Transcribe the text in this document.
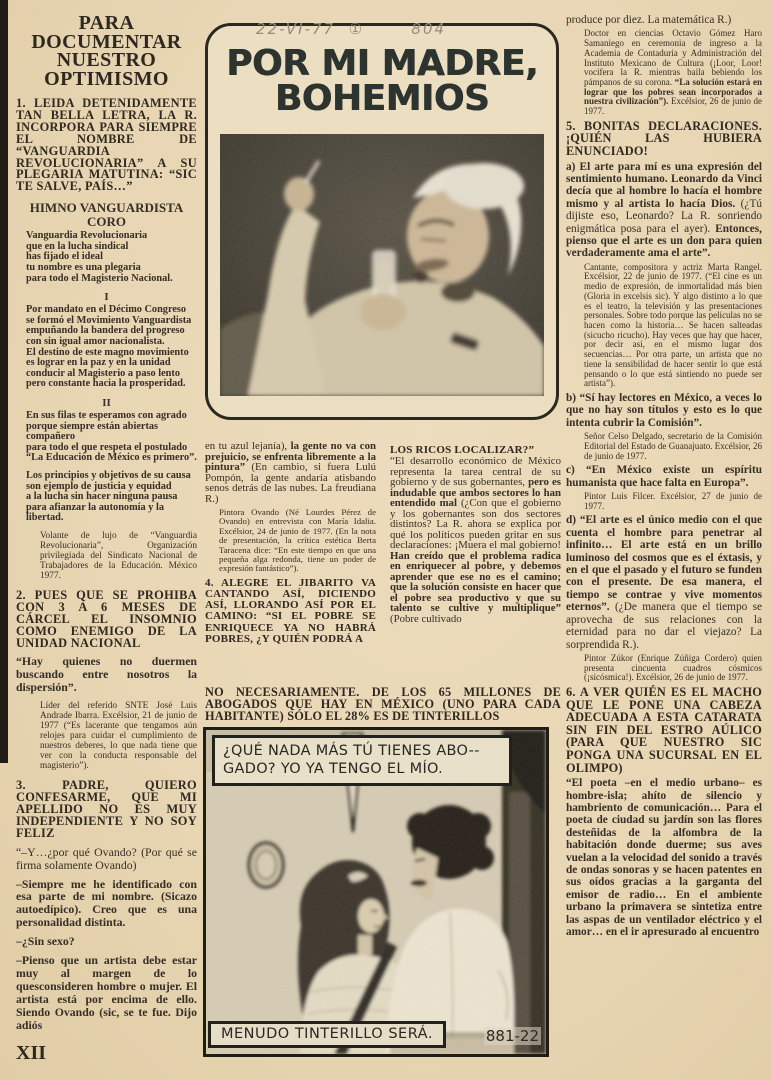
PARA
DOCUMENTAR
NUESTRO
OPTIMISMO

1. LEIDA DETENIDAMENTE TAN BELLA LETRA, LA R. INCORPORA PARA SIEMPRE EL NOMBRE DE “VANGUARDIA REVOLUCIONARIA” A SU PLEGARIA MATUTINA: “SIC TE SALVE, PAÍS…”

HIMNO VANGUARDISTA
CORO
Vanguardia Revolucionaria
que en la lucha sindical
has fijado el ideal
tu nombre es una plegaria
para todo el Magisterio Nacional.
I
Por mandato en el Décimo Congreso
se formó el Movimiento Vanguardista
empuñando la bandera del progreso
con sin igual amor nacionalista.
El destino de este magno movimiento
es lograr en la paz y en la unidad
conducir al Magisterio a paso lento
pero constante hacia la prosperidad.
II
En sus filas te esperamos con agrado
porque siempre están abiertas compañero
para todo el que respeta el postulado
“La Educación de México es primero”.
Los principios y objetivos de su causa
son ejemplo de justicia y equidad
a la lucha sin hacer ninguna pausa
para afianzar la autonomía y la libertad.

Volante de lujo de “Vanguardia Revolucionaria”, Organización privilegiada del Sindicato Nacional de Trabajadores de la Educación. México 1977.

2. PUES QUE SE PROHIBA CON 3 A 6 MESES DE CÁRCEL EL INSOMNIO COMO ENEMIGO DE LA UNIDAD NACIONAL

“Hay quienes no duermen buscando entre nosotros la dispersión”.

Líder del referido SNTE José Luis Andrade Ibarra. Excélsior, 21 de junio de 1977 (“Es lacerante que tengamos aún relojes para cuidar el cumplimiento de nuestros deberes, lo que nada tiene que ver con la conducta responsable del magisterio”).

3. PADRE, QUIERO CONFESARME, QUE MI APELLIDO NO ES MUY INDEPENDIENTE Y NO SOY FELIZ

“–Y…¿por qué Ovando? (Por qué se firma solamente Ovando)

–Siempre me he identificado con esa parte de mi nombre. (Sicazo autoedípico). Creo que es una personalidad distinta.

–¿Sin sexo?

–Pienso que un artista debe estar muy al margen de lo quesconsideren hombre o mujer. El artista está por encima de ello. Siendo Ovando (sic, se te fue. Dijo adiós

XII
22-VI-77  ①       804
POR MI MADRE,
BOHEMIOS

en tu azul lejanía), la gente no va con prejuicio, se enfrenta libremente a la pintura” (En cambio, si fuera Lulú Pompón, la gente andaría atisbando senos detrás de las nubes. La freudiana R.)

Pintora Ovando (Né Lourdes Pérez de Ovando) en entrevista con María Idalia. Excélsior, 24 de junio de 1977. (En la nota de presentación, la crítica estética Berta Taracena dice: “En este tiempo en que una pequeña alga redonda, tiene un poder de expresión fantástico”).

4. ALEGRE EL JIBARITO VA CANTANDO ASÍ, DICIENDO ASÍ, LLORANDO ASÍ POR EL CAMINO: “SI EL POBRE SE ENRIQUECE YA NO HABRÁ POBRES, ¿Y QUIÉN PODRÁ A

LOS RICOS LOCALIZAR?”

“El desarrollo económico de México representa la tarea central de su gobierno y de sus gobernantes, pero es indudable que ambos sectores lo han entendido mal (¿Con que el gobierno y los gobernantes son dos sectores distintos? La R. ahora se explica por qué los políticos pueden gritar en sus declaraciones: ¡Muera el mal gobierno! Han creído que el problema radica en enriquecer al pobre, y debemos aprender que ese no es el camino; que la solución consiste en hacer que el pobre sea productivo y que su talento se cultive y multiplique” (Pobre cultivado

NO NECESARIAMENTE. DE LOS 65 MILLONES DE ABOGADOS QUE HAY EN MÉXICO (UNO PARA CADA HABITANTE) SÓLO EL 28% ES DE TINTERILLOS

¿QUÉ NADA MÁS TÚ TIENES ABO--
GADO? YO YA TENGO EL MÍO.
MENUDO TINTERILLO SERÁ.	881-22

produce por diez. La matemática R.)

Doctor en ciencias Octavio Gómez Haro Samaniego en ceremonia de ingreso a la Academia de Contaduría y Administración del Instituto Mexicano de Cultura (¡Loor, Loor! vocifera la R. mientras baila bebiendo los pámpanos de su corona. “La solución estará en lograr que los pobres sean incorporados a nuestra civilización”). Excélsior, 26 de junio de 1977.

5. BONITAS DECLARACIONES. ¡QUIÉN LAS HUBIERA ENUNCIADO!

a) El arte para mí es una expresión del sentimiento humano. Leonardo da Vinci decía que al hombre lo hacía el hombre mismo y al artista lo hacía Dios. (¿Tú dijiste eso, Leonardo? La R. sonriendo enigmática posa para el ayer). Entonces, pienso que el arte es un don para quien verdaderamente ama el arte”.

Cantante, compositora y actriz Marta Rangel. Excélsior, 22 de junio de 1977. (“El cine es un medio de expresión, de inmortalidad más bien (Gloria in excelsis sic). Y algo distinto a lo que es el teatro, la televisión y las presentaciones personales. Sobre todo porque las películas no se hacen como la historia… Se hacen salteadas (sicucho ricucho). Hay veces que hay que hacer, por decir así, en el mismo lugar dos secuencias… Por otra parte, un artista que no tiene la sensibilidad de hacer sentir lo que está pensando o lo que está sintiendo no puede ser artista”).

b) “Sí hay lectores en México, a veces lo que no hay son títulos y esto es lo que intenta cubrir la Comisión”.

Señor Celso Delgado, secretario de la Comisión Editorial del Estado de Guanajuato. Excélsior, 26 de junio de 1977.

c) “En México existe un espíritu humanista que hace falta en Europa”.

Pintor Luis Filcer. Excélsior, 27 de junio de 1977.

d) “El arte es el único medio con el que cuenta el hombre para penetrar al infinito… El arte está en un brillo luminoso del cosmos que es el éxtasis, y en el que el pasado y el futuro se funden con el presente. De esa manera, el tiempo se contrae y vive momentos eternos”. (¿De manera que el tiempo se aprovecha de sus relaciones con la eternidad para no dar el viejazo? La sorprendida R.).

Pintor Zúkor (Enrique Zúñiga Cordero) quien presenta cincuenta cuadros cósmicos (¡sicósmica!). Excélsior, 26 de junio de 1977.

6. A VER QUIÉN ES EL MACHO QUE LE PONE UNA CABEZA ADECUADA A ESTA CATARATA SIN FIN DEL ESTRO AÚLICO (PARA QUE NUESTRO SIC PONGA UNA SUCURSAL EN EL OLIMPO)

“El poeta –en el medio urbano– es hombre-isla; ahíto de silencio y hambriento de comunicación… Para el poeta de ciudad su jardín son las flores desteñidas de la alfombra de la habitación donde duerme; sus aves vuelan a la velocidad del sonido a través de ondas sonoras y se hacen patentes en sus oídos gracias a la garganta del emisor de radio… En el ambiente urbano la primavera se sintetiza entre las aspas de un ventilador eléctrico y el amor… en el ir apresurado al encuentro
